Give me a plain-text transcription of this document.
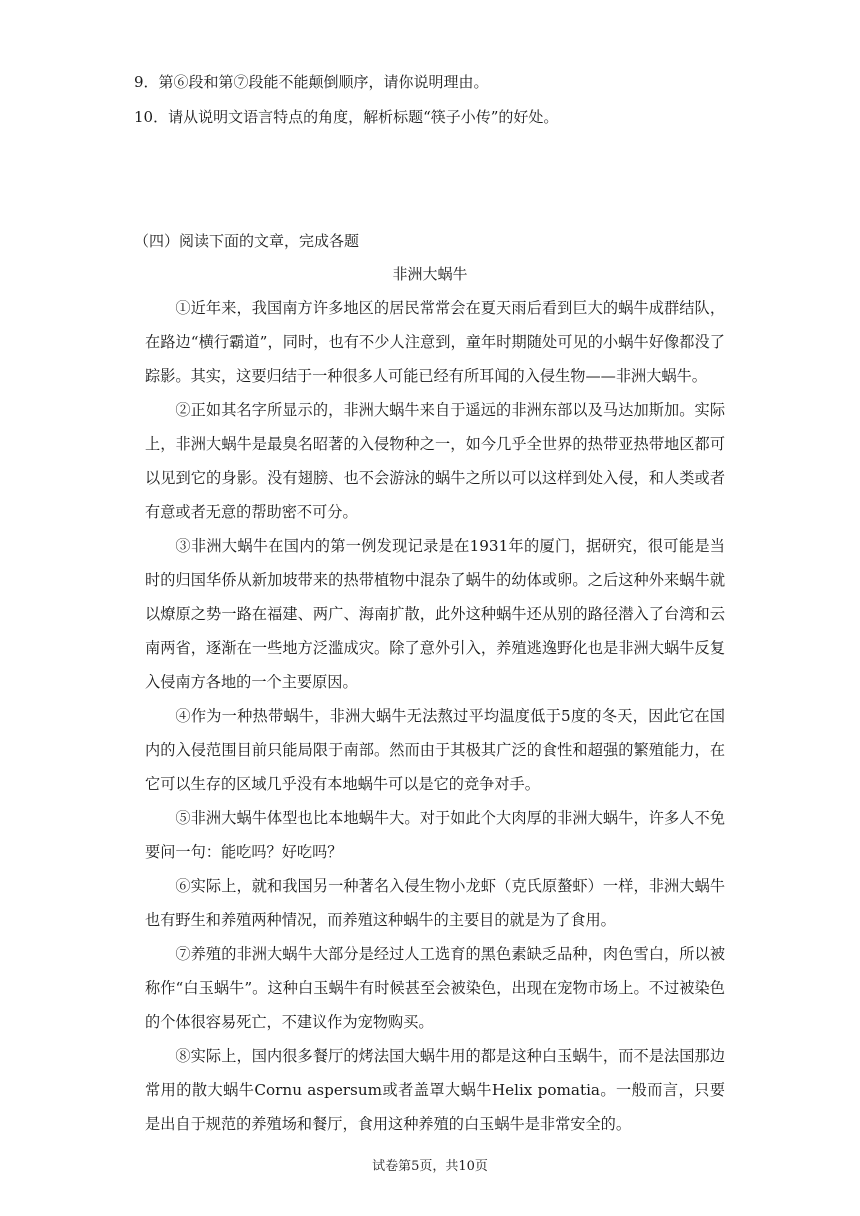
9．第⑥段和第⑦段能不能颠倒顺序，请你说明理由。
10．请从说明文语言特点的角度，解析标题“筷子小传”的好处。
（四）阅读下面的文章，完成各题
非洲大蜗牛

①近年来，我国南方许多地区的居民常常会在夏天雨后看到巨大的蜗牛成群结队，在路边“横行霸道”，同时，也有不少人注意到，童年时期随处可见的小蜗牛好像都没了踪影。其实，这要归结于一种很多人可能已经有所耳闻的入侵生物——非洲大蜗牛。

②正如其名字所显示的，非洲大蜗牛来自于遥远的非洲东部以及马达加斯加。实际上，非洲大蜗牛是最臭名昭著的入侵物种之一，如今几乎全世界的热带亚热带地区都可以见到它的身影。没有翅膀、也不会游泳的蜗牛之所以可以这样到处入侵，和人类或者有意或者无意的帮助密不可分。

③非洲大蜗牛在国内的第一例发现记录是在1931年的厦门，据研究，很可能是当时的归国华侨从新加坡带来的热带植物中混杂了蜗牛的幼体或卵。之后这种外来蜗牛就以燎原之势一路在福建、两广、海南扩散，此外这种蜗牛还从别的路径潜入了台湾和云南两省，逐渐在一些地方泛滥成灾。除了意外引入，养殖逃逸野化也是非洲大蜗牛反复入侵南方各地的一个主要原因。

④作为一种热带蜗牛，非洲大蜗牛无法熬过平均温度低于5度的冬天，因此它在国内的入侵范围目前只能局限于南部。然而由于其极其广泛的食性和超强的繁殖能力，在它可以生存的区域几乎没有本地蜗牛可以是它的竞争对手。

⑤非洲大蜗牛体型也比本地蜗牛大。对于如此个大肉厚的非洲大蜗牛，许多人不免要问一句：能吃吗？好吃吗？

⑥实际上，就和我国另一种著名入侵生物小龙虾（克氏原螯虾）一样，非洲大蜗牛也有野生和养殖两种情况，而养殖这种蜗牛的主要目的就是为了食用。

⑦养殖的非洲大蜗牛大部分是经过人工选育的黑色素缺乏品种，肉色雪白，所以被称作“白玉蜗牛”。这种白玉蜗牛有时候甚至会被染色，出现在宠物市场上。不过被染色的个体很容易死亡，不建议作为宠物购买。

⑧实际上，国内很多餐厅的烤法国大蜗牛用的都是这种白玉蜗牛，而不是法国那边常用的散大蜗牛Cornu aspersum或者盖罩大蜗牛Helix pomatia。一般而言，只要是出自于规范的养殖场和餐厅，食用这种养殖的白玉蜗牛是非常安全的。

试卷第5页，共10页
